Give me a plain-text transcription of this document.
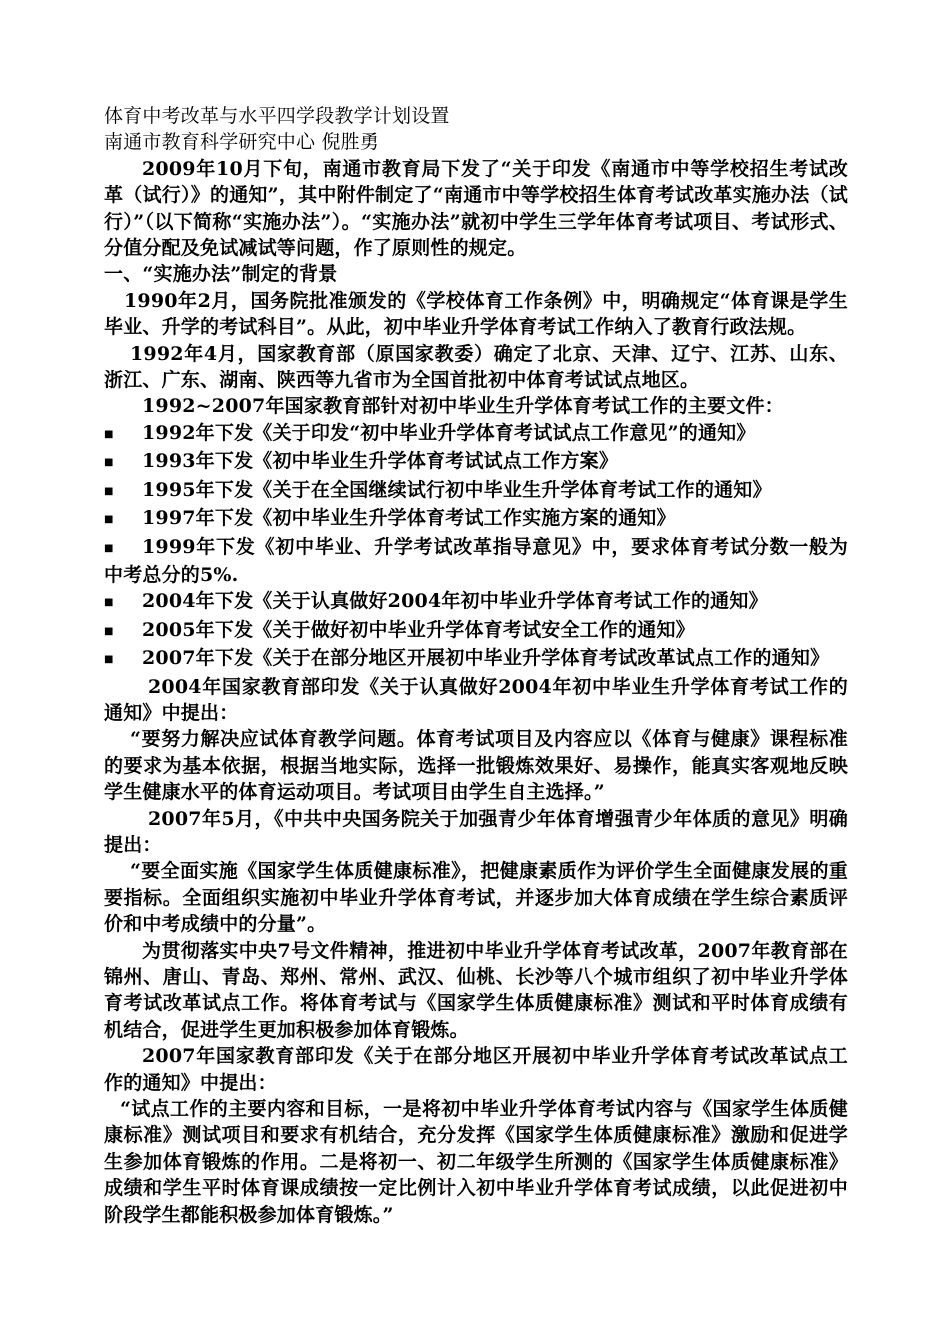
体育中考改革与水平四学段教学计划设置

南通市教育科学研究中心 倪胜勇

2009年10月下旬，南通市教育局下发了“关于印发《南通市中等学校招生考试改革（试行）》的通知”，其中附件制定了“南通市中等学校招生体育考试改革实施办法（试行）”（以下简称“实施办法”）。“实施办法”就初中学生三学年体育考试项目、考试形式、分值分配及免试减试等问题，作了原则性的规定。

一、“实施办法”制定的背景

1990年2月，国务院批准颁发的《学校体育工作条例》中，明确规定“体育课是学生毕业、升学的考试科目”。从此，初中毕业升学体育考试工作纳入了教育行政法规。

1992年4月，国家教育部（原国家教委）确定了北京、天津、辽宁、江苏、山东、浙江、广东、湖南、陕西等九省市为全国首批初中体育考试试点地区。

1992~2007年国家教育部针对初中毕业生升学体育考试工作的主要文件：

■ 1992年下发《关于印发“初中毕业升学体育考试试点工作意见”的通知》

■ 1993年下发《初中毕业生升学体育考试试点工作方案》

■ 1995年下发《关于在全国继续试行初中毕业生升学体育考试工作的通知》

■ 1997年下发《初中毕业生升学体育考试工作实施方案的通知》

■ 1999年下发《初中毕业、升学考试改革指导意见》中，要求体育考试分数一般为中考总分的5%.

■ 2004年下发《关于认真做好2004年初中毕业升学体育考试工作的通知》

■ 2005年下发《关于做好初中毕业升学体育考试安全工作的通知》

■ 2007年下发《关于在部分地区开展初中毕业升学体育考试改革试点工作的通知》

2004年国家教育部印发《关于认真做好2004年初中毕业生升学体育考试工作的通知》中提出：

“要努力解决应试体育教学问题。体育考试项目及内容应以《体育与健康》课程标准的要求为基本依据，根据当地实际，选择一批锻炼效果好、易操作，能真实客观地反映学生健康水平的体育运动项目。考试项目由学生自主选择。”

2007年5月，《中共中央国务院关于加强青少年体育增强青少年体质的意见》明确提出：

“要全面实施《国家学生体质健康标准》，把健康素质作为评价学生全面健康发展的重要指标。全面组织实施初中毕业升学体育考试，并逐步加大体育成绩在学生综合素质评价和中考成绩中的分量”。

为贯彻落实中央7号文件精神，推进初中毕业升学体育考试改革，2007年教育部在锦州、唐山、青岛、郑州、常州、武汉、仙桃、长沙等八个城市组织了初中毕业升学体育考试改革试点工作。将体育考试与《国家学生体质健康标准》测试和平时体育成绩有机结合，促进学生更加积极参加体育锻炼。

2007年国家教育部印发《关于在部分地区开展初中毕业升学体育考试改革试点工作的通知》中提出：

“试点工作的主要内容和目标，一是将初中毕业升学体育考试内容与《国家学生体质健康标准》测试项目和要求有机结合，充分发挥《国家学生体质健康标准》激励和促进学生参加体育锻炼的作用。二是将初一、初二年级学生所测的《国家学生体质健康标准》成绩和学生平时体育课成绩按一定比例计入初中毕业升学体育考试成绩，以此促进初中阶段学生都能积极参加体育锻炼。”
